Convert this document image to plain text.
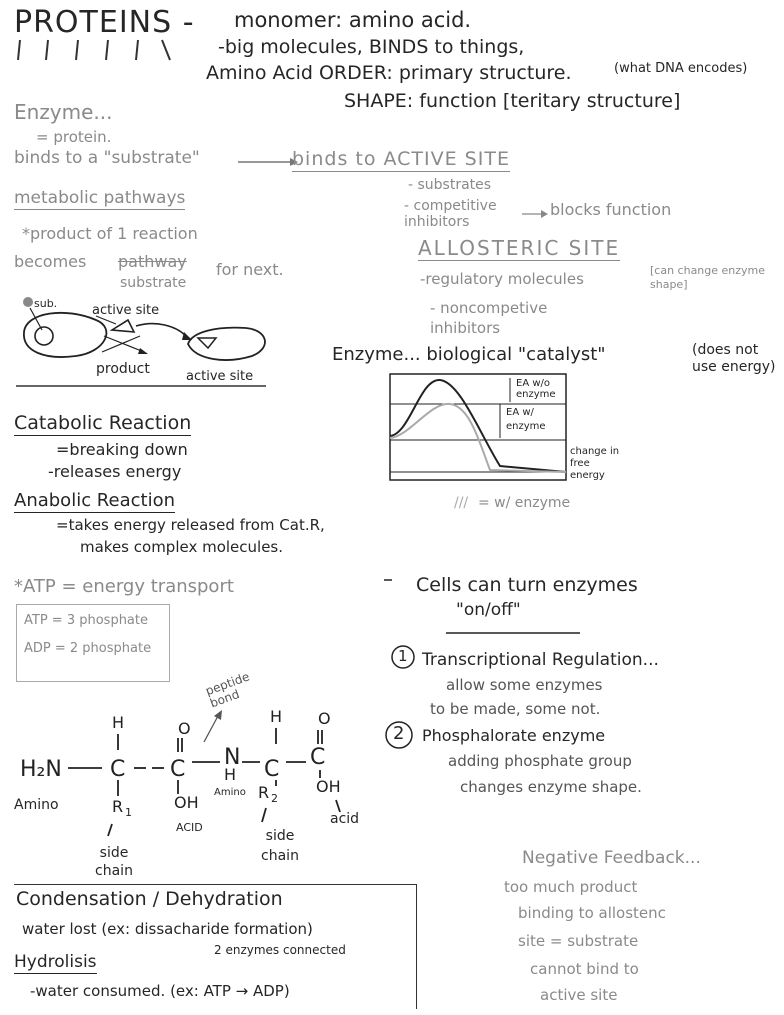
PROTEINS - monomer: amino acid.
-big molecules, BINDS to things,
Amino Acid ORDER: primary structure.	(what DNA encodes)
SHAPE: function [teritary structure]
Enzyme...
= protein.
binds to a "substrate"	binds to ACTIVE SITE
- substrates
- competitive inhibitors
blocks function
ALLOSTERIC SITE
-regulatory molecules	[can change enzyme shape]
- noncompetive inhibitors
metabolic pathways
*product of 1 reaction
becomes pathway
substrate
for next.
sub.	active site
product	active site
Enzyme... biological "catalyst"	(does not use energy)
EA w/o enzyme
EA w/ enzyme
change in free energy
/// = w/ enzyme
Catabolic Reaction
=breaking down
-releases energy
Anabolic Reaction
=takes energy released from Cat.R,
makes complex molecules.
*ATP = energy transport
ATP = 3 phosphate
ADP = 2 phosphate
H₂N C C N C C
H
R 1
O
OH
H
H
R 2
O
OH
peptide bond
Amino
Amino
ACID
acid
side chain
side chain
Cells can turn enzymes
"on/off"
1 Transcriptional Regulation...
allow some enzymes
to be made, some not.
2 Phosphalorate enzyme
adding phosphate group
changes enzyme shape.
Negative Feedback...
too much product
binding to allostenc
site = substrate
cannot bind to
active site
Condensation / Dehydration
water lost (ex: dissacharide formation)
2 enzymes connected
Hydrolisis
-water consumed. (ex: ATP → ADP)
